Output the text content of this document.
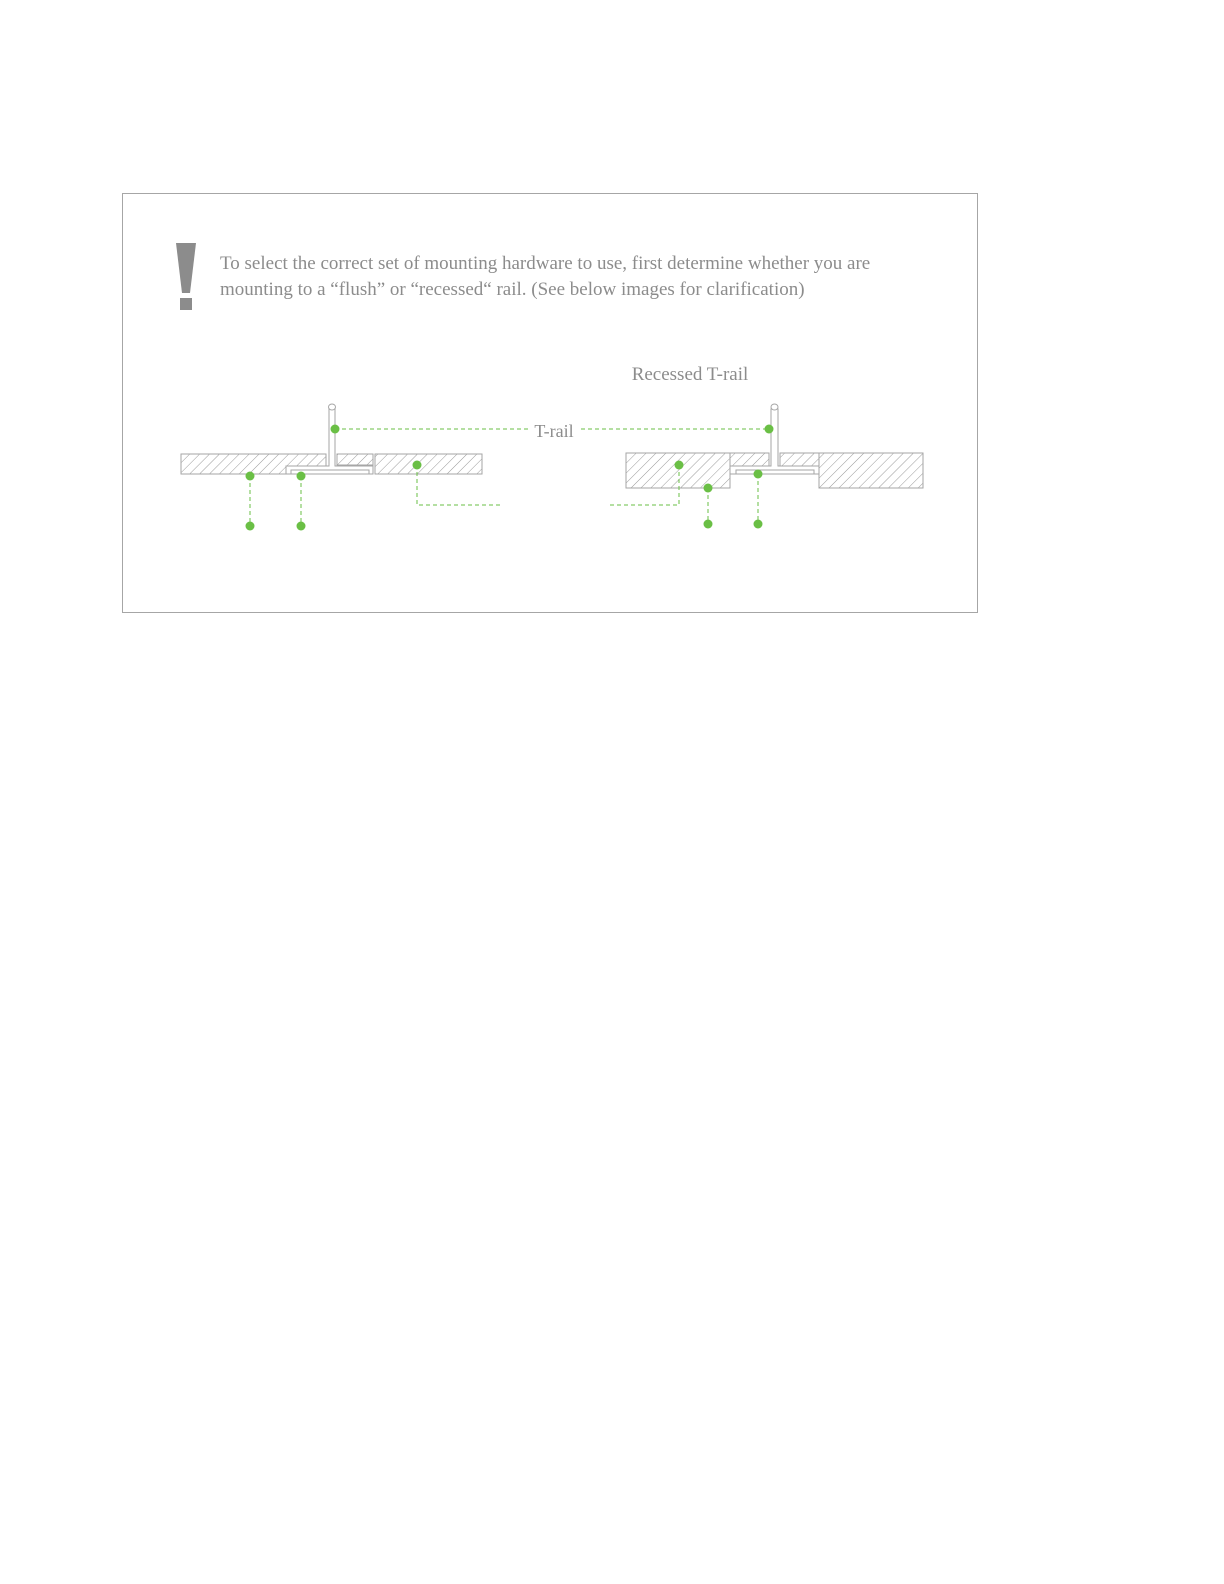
To select the correct set of mounting hardware to use, first determine whether you are
mounting to a “flush” or “recessed“ rail. (See below images for clarification)

Recessed T-rail
T-rail
